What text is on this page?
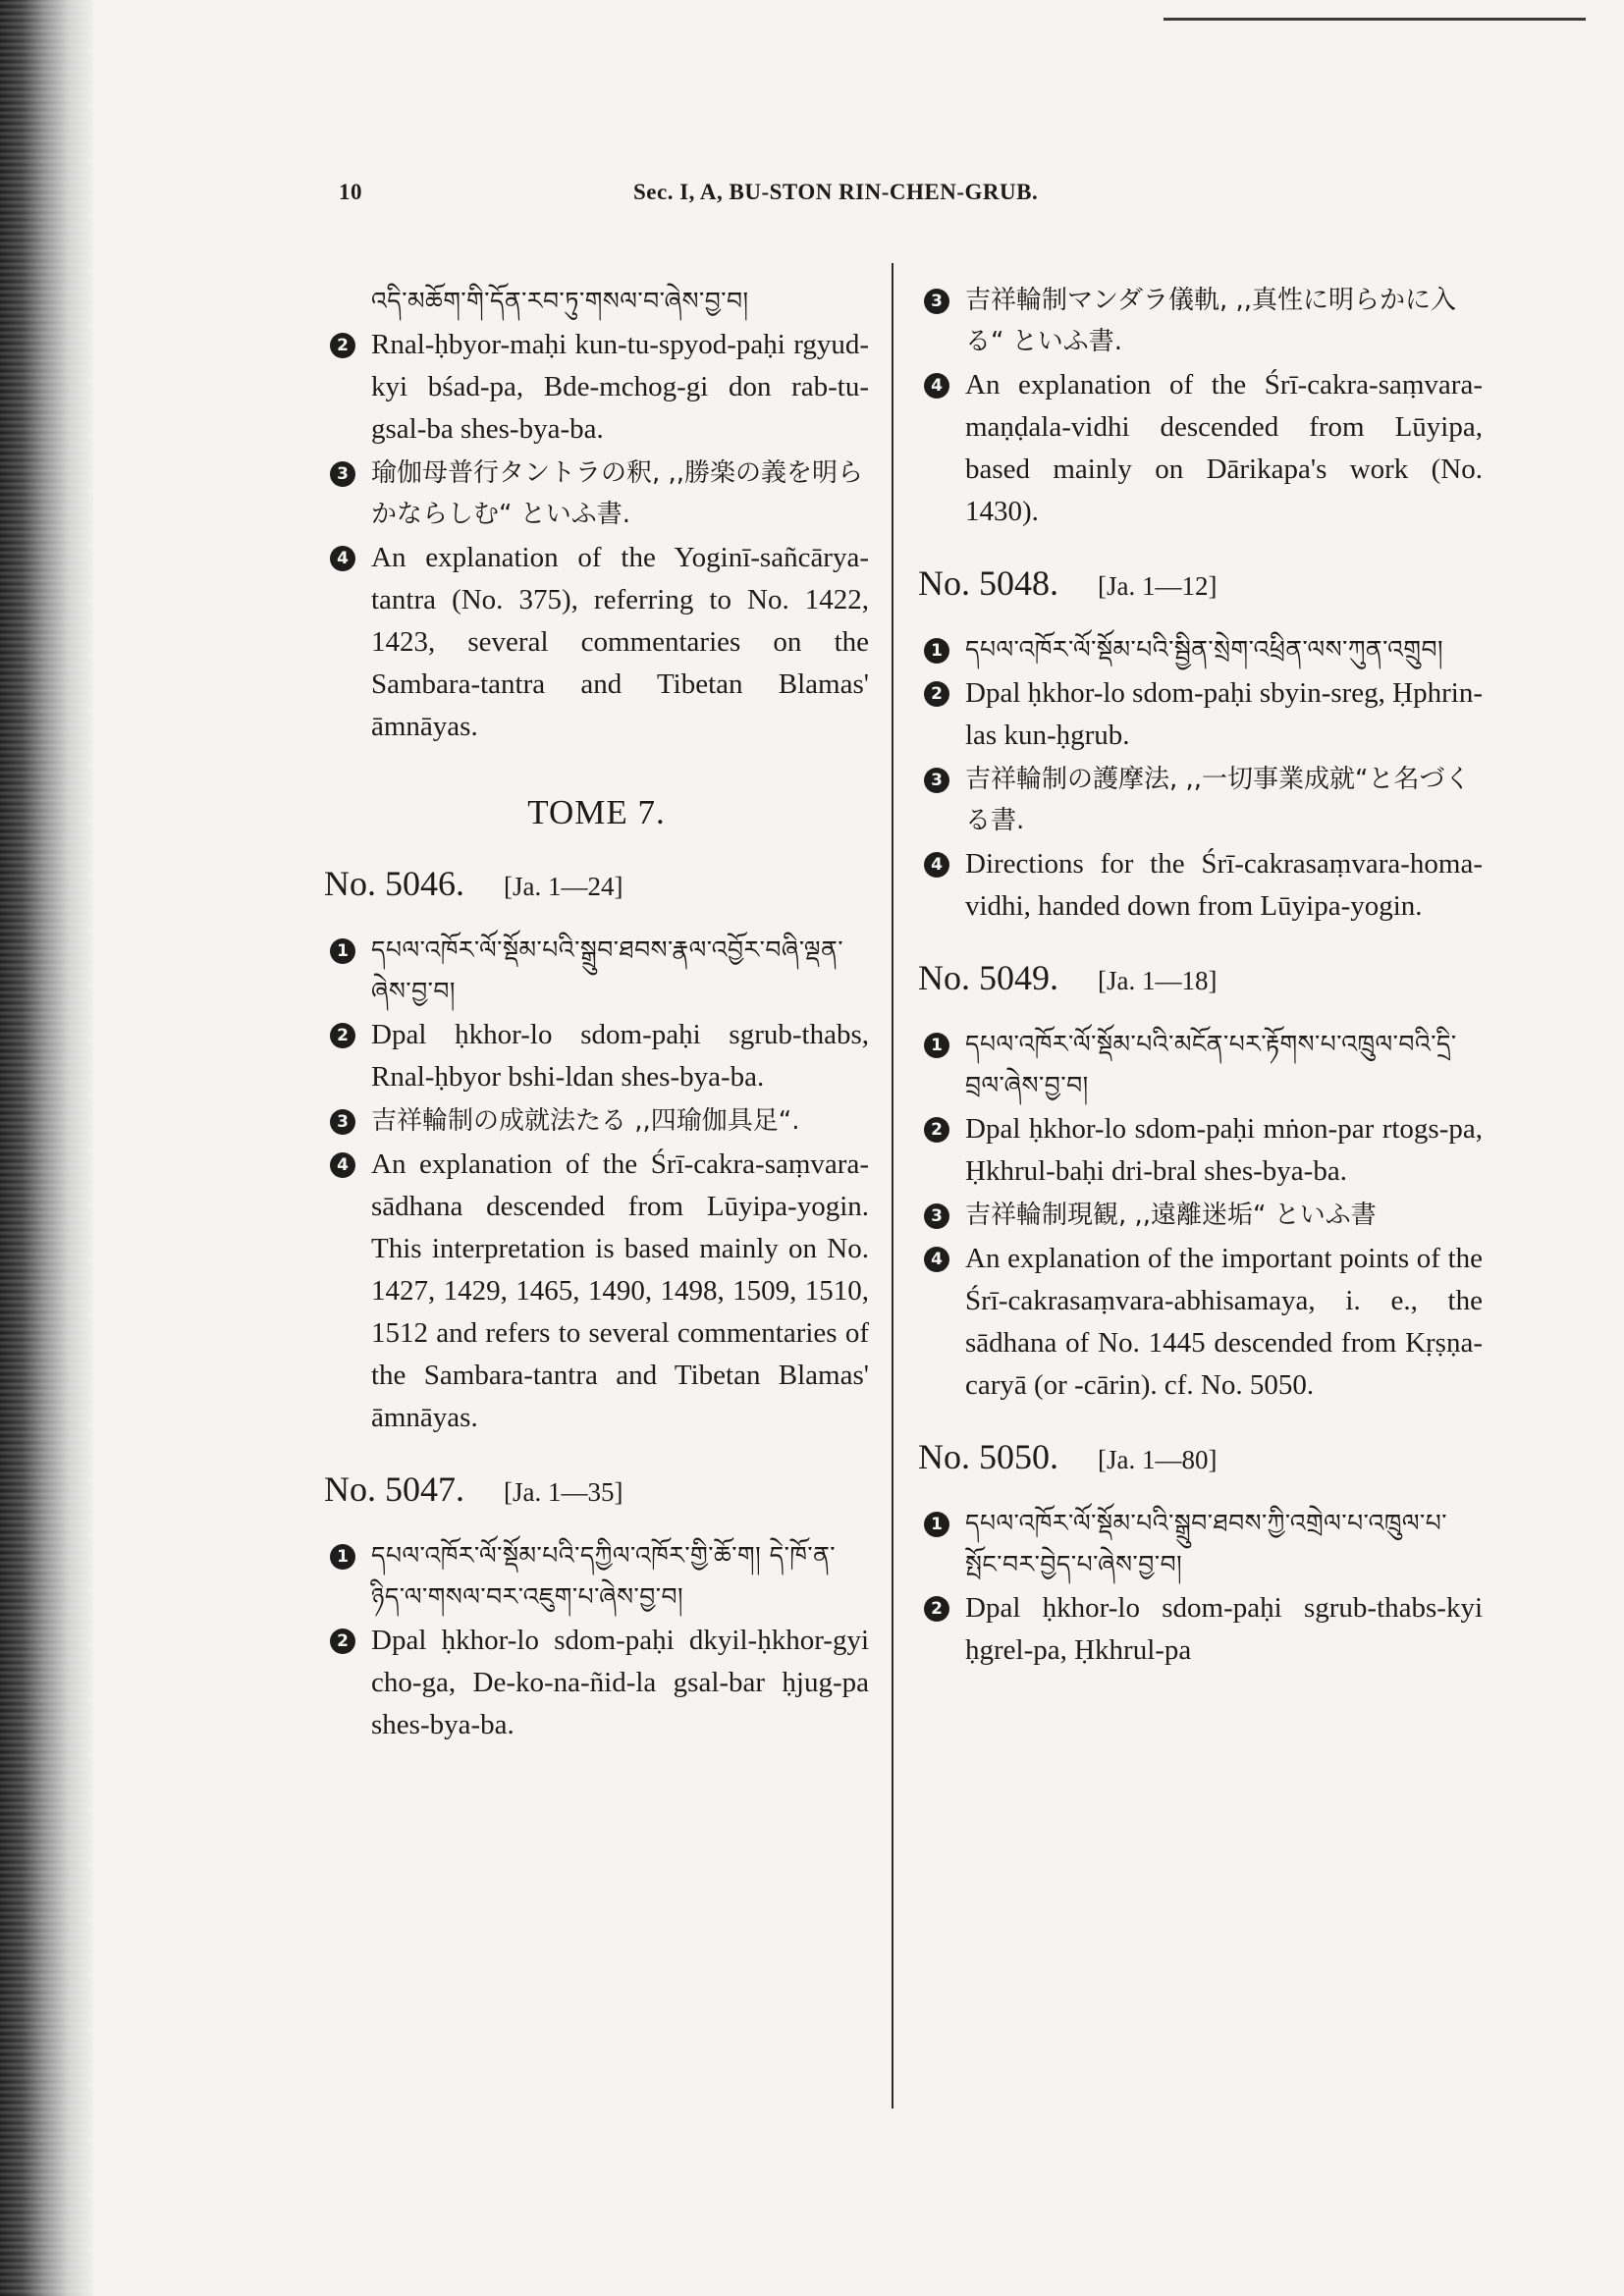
10	Sec. I, A, BU-STON RIN-CHEN-GRUB.
འདི་མཆོག་གི་དོན་རབ་ཏུ་གསལ་བ་ཞེས་བྱ་བ།
2 Rnal-ḥbyor-maḥi kun-tu-spyod-paḥi rgyud-kyi bśad-pa, Bde-mchog-gi don rab-tu-gsal-ba shes-bya-ba.
3 瑜伽母普行タントラの釈, ,,勝楽の義を明らかならしむ“ といふ書.
4 An explanation of the Yoginī-sañcārya-tantra (No. 375), referring to No. 1422, 1423, several commentaries on the Sambara-tantra and Tibetan Blamas' āmnāyas.
TOME 7.
No. 5046. [Ja. 1—24]
1 དཔལ་འཁོར་ལོ་སྡོམ་པའི་སྒྲུབ་ཐབས་རྣལ་འབྱོར་བཞི་ལྡན་ཞེས་བྱ་བ།
2 Dpal ḥkhor-lo sdom-paḥi sgrub-thabs, Rnal-ḥbyor bshi-ldan shes-bya-ba.
3 吉祥輪制の成就法たる ,,四瑜伽具足“.
4 An explanation of the Śrī-cakra-saṃvara-sādhana descended from Lūyipa-yogin. This interpretation is based mainly on No. 1427, 1429, 1465, 1490, 1498, 1509, 1510, 1512 and refers to several commentaries of the Sambara-tantra and Tibetan Blamas' āmnāyas.
No. 5047. [Ja. 1—35]
1 དཔལ་འཁོར་ལོ་སྡོམ་པའི་དཀྱིལ་འཁོར་གྱི་ཆོ་ག། དེ་ཁོ་ན་ཉིད་ལ་གསལ་བར་འཇུག་པ་ཞེས་བྱ་བ།
2 Dpal ḥkhor-lo sdom-paḥi dkyil-ḥkhor-gyi cho-ga, De-ko-na-ñid-la gsal-bar ḥjug-pa shes-bya-ba.
3 吉祥輪制マンダラ儀軌, ,,真性に明らかに入る“ といふ書.
4 An explanation of the Śrī-cakra-saṃvara-maṇḍala-vidhi descended from Lūyipa, based mainly on Dārikapa's work (No. 1430).
No. 5048. [Ja. 1—12]
1 དཔལ་འཁོར་ལོ་སྡོམ་པའི་སྦྱིན་སྲེག་འཕྲིན་ལས་ཀུན་འགྲུབ།
2 Dpal ḥkhor-lo sdom-paḥi sbyin-sreg, Ḥphrin-las kun-ḥgrub.
3 吉祥輪制の護摩法, ,,一切事業成就“と名づくる書.
4 Directions for the Śrī-cakrasaṃvara-homa-vidhi, handed down from Lūyipa-yogin.
No. 5049. [Ja. 1—18]
1 དཔལ་འཁོར་ལོ་སྡོམ་པའི་མངོན་པར་རྟོགས་པ་འཁྲུལ་བའི་དྲི་བྲལ་ཞེས་བྱ་བ།
2 Dpal ḥkhor-lo sdom-paḥi mṅon-par rtogs-pa, Ḥkhrul-baḥi dri-bral shes-bya-ba.
3 吉祥輪制現観, ,,遠離迷垢“ といふ書
4 An explanation of the important points of the Śrī-cakrasaṃvara-abhisamaya, i. e., the sādhana of No. 1445 descended from Kṛṣṇa-caryā (or -cārin). cf. No. 5050.
No. 5050. [Ja. 1—80]
1 དཔལ་འཁོར་ལོ་སྡོམ་པའི་སྒྲུབ་ཐབས་ཀྱི་འགྲེལ་པ་འཁྲུལ་པ་སྤོང་བར་བྱེད་པ་ཞེས་བྱ་བ།
2 Dpal ḥkhor-lo sdom-paḥi sgrub-thabs-kyi ḥgrel-pa, Ḥkhrul-pa
